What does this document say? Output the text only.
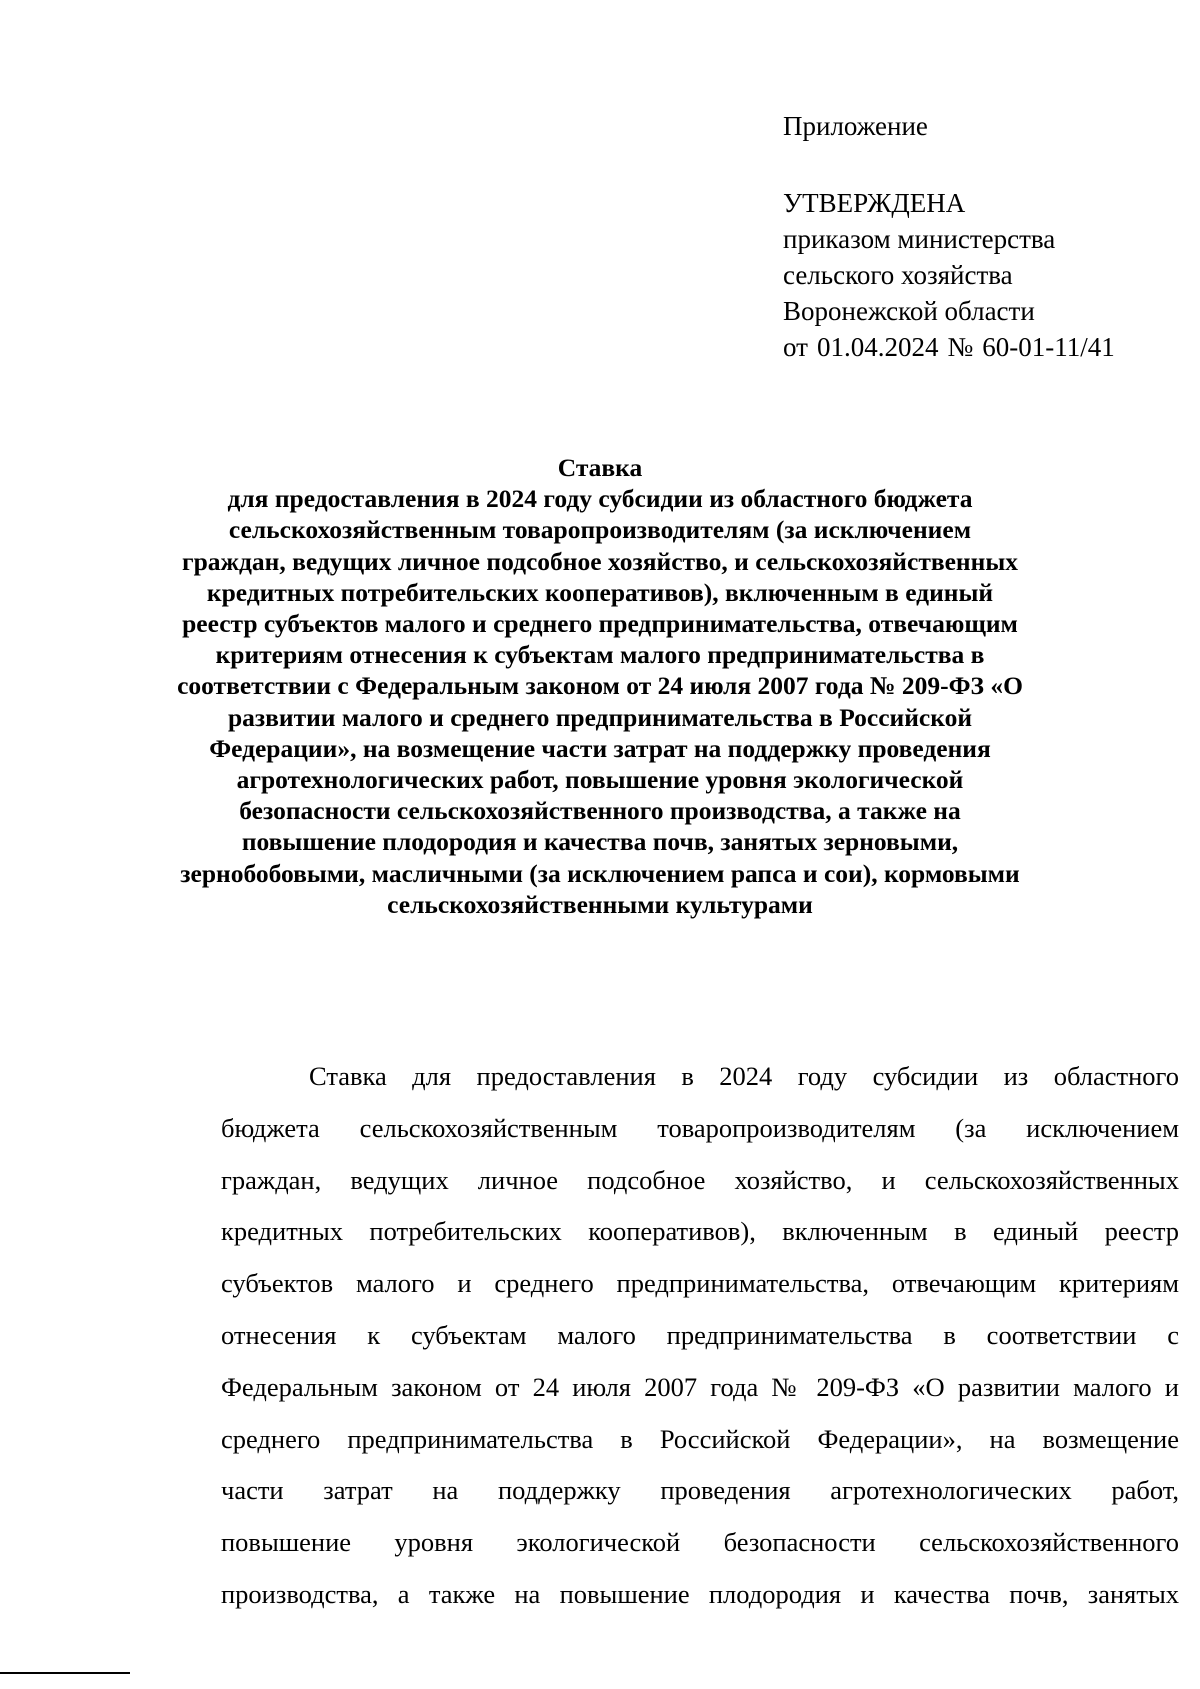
Приложение
УТВЕРЖДЕНА
приказом министерства
сельского хозяйства
Воронежской области
от 01.04.2024 № 60-01-11/41
Ставка
для предоставления в 2024 году субсидии из областного бюджета
сельскохозяйственным товаропроизводителям (за исключением
граждан, ведущих личное подсобное хозяйство, и сельскохозяйственных
кредитных потребительских кооперативов), включенным в единый
реестр субъектов малого и среднего предпринимательства, отвечающим
критериям отнесения к субъектам малого предпринимательства в
соответствии с Федеральным законом от 24 июля 2007 года № 209-ФЗ «О
развитии малого и среднего предпринимательства в Российской
Федерации», на возмещение части затрат на поддержку проведения
агротехнологических работ, повышение уровня экологической
безопасности сельскохозяйственного производства, а также на
повышение плодородия и качества почв, занятых зерновыми,
зернобобовыми, масличными (за исключением рапса и сои), кормовыми
сельскохозяйственными культурами
Ставка для предоставления в 2024 году субсидии из областного
бюджета сельскохозяйственным товаропроизводителям (за исключением
граждан, ведущих личное подсобное хозяйство, и сельскохозяйственных
кредитных потребительских кооперативов), включенным в единый реестр
субъектов малого и среднего предпринимательства, отвечающим критериям
отнесения к субъектам малого предпринимательства в соответствии с
Федеральным законом от 24 июля 2007 года № 209-ФЗ «О развитии малого и
среднего предпринимательства в Российской Федерации», на возмещение
части затрат на поддержку проведения агротехнологических работ,
повышение уровня экологической безопасности сельскохозяйственного
производства, а также на повышение плодородия и качества почв, занятых
